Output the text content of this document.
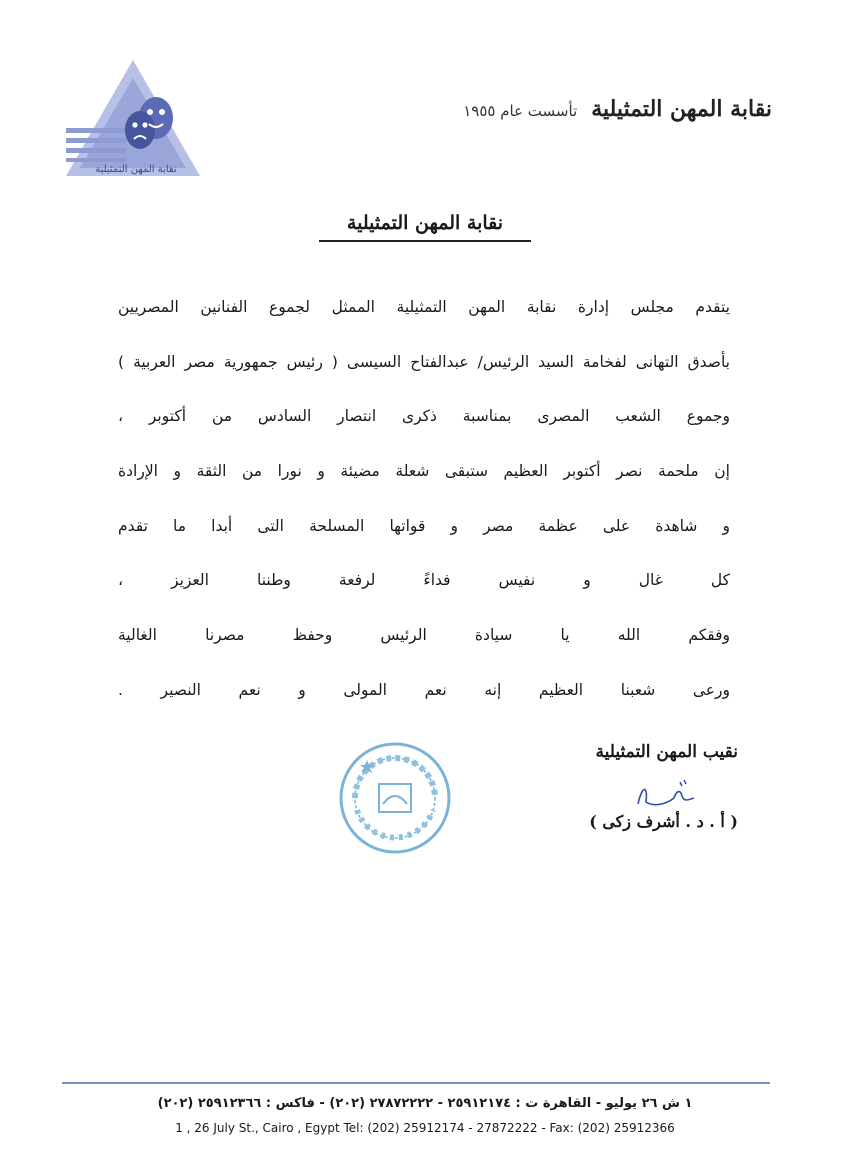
نقابة المهن التمثيلية
نقابة المهن التمثيلية
تأسست عام ١٩٥٥
نقابة المهن التمثيلية
يتقدم مجلس إدارة نقابة المهن التمثيلية الممثل لجموع الفنانين المصريين
بأصدق التهانى لفخامة السيد الرئيس/ عبدالفتاح السيسى ( رئيس جمهورية مصر العربية )
وجموع الشعب المصرى بمناسبة ذكرى انتصار السادس من أكتوبر ،
إن ملحمة نصر أكتوبر العظيم ستبقى شعلة مضيئة و نورا من الثقة و الإرادة
و شاهدة على عظمة مصر و قواتها المسلحة التى أبدا ما تقدم
كل غال و نفيس فداءً لرفعة وطننا العزيز ،
وفقكم الله يا سيادة الرئيس وحفظ مصرنا الغالية
ورعى شعبنا العظيم إنه نعم المولى و نعم النصير .
نقيب المهن التمثيلية
( أ . د . أشرف زكى )
١ ش ٢٦ يوليو - القاهرة ت : ٢٥٩١٢١٧٤ - ٢٧٨٧٢٢٢٢ (٢٠٢) - فاكس : ٢٥٩١٢٣٦٦ (٢٠٢)
1 , 26 July St., Cairo , Egypt Tel: (202) 25912174 - 27872222 - Fax: (202) 25912366
